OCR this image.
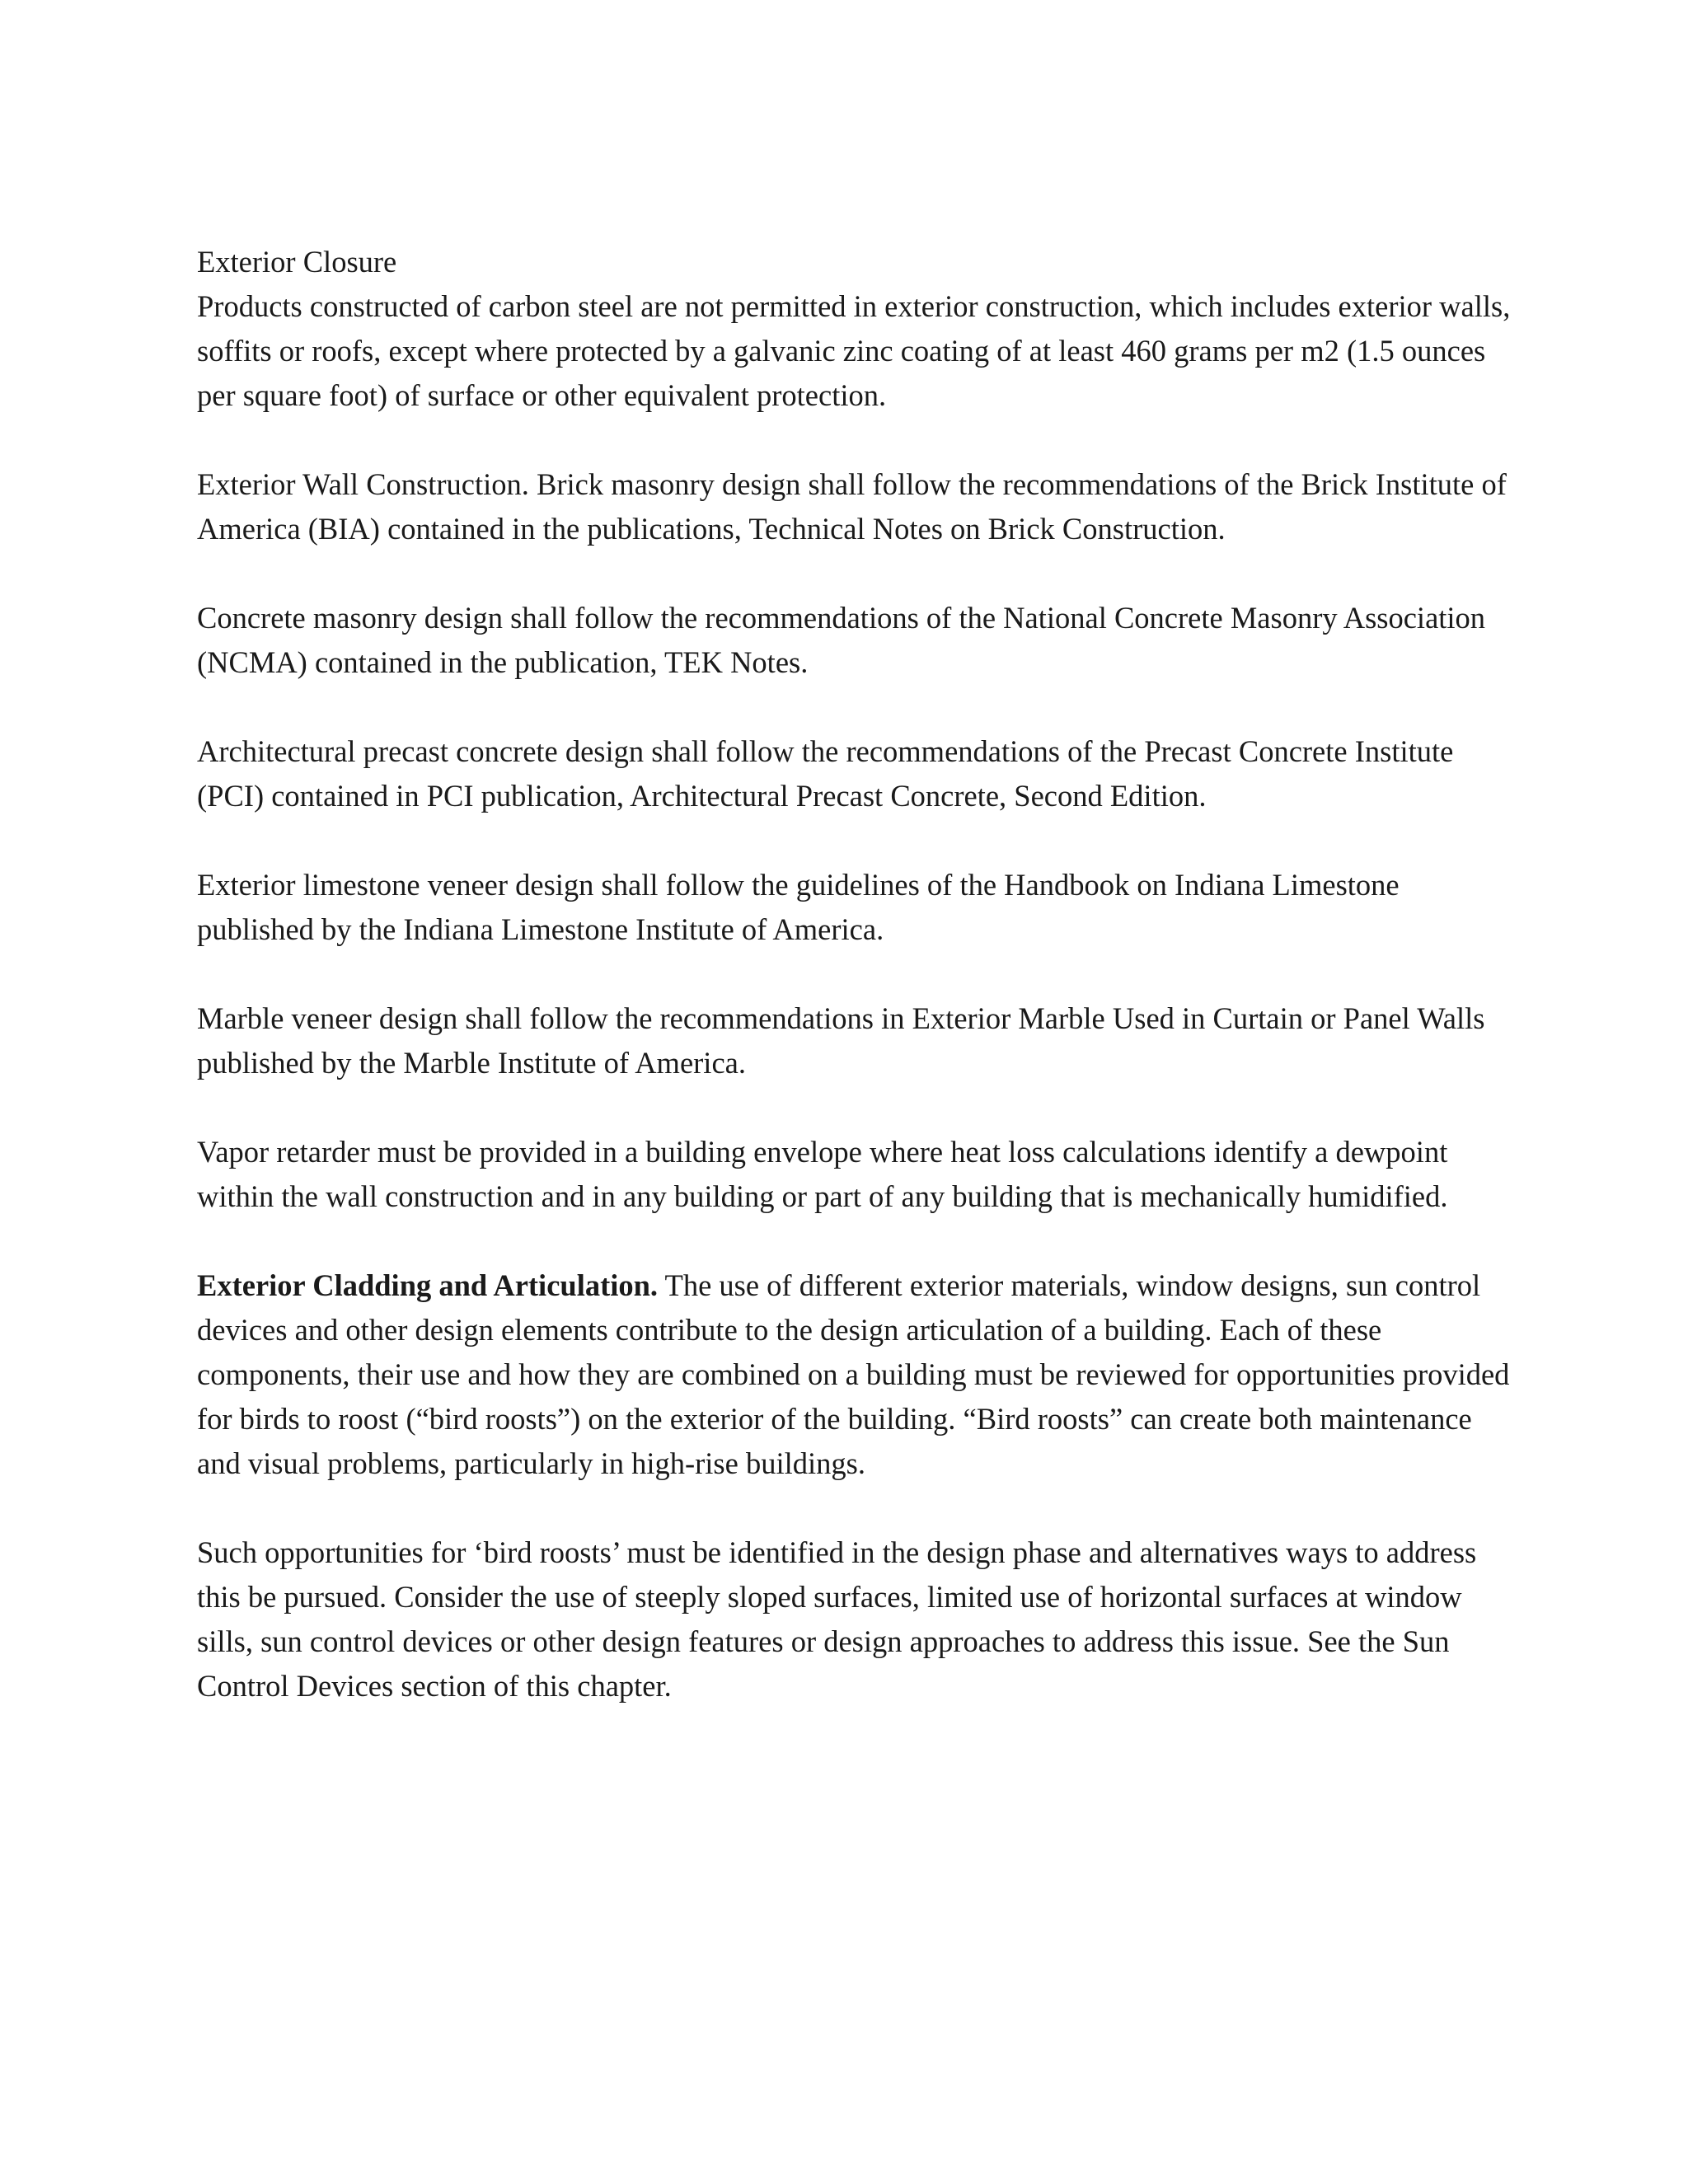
Exterior Closure

Products constructed of carbon steel are not permitted in exterior construction, which includes exterior walls, soffits or roofs, except where protected by a galvanic zinc coating of at least 460 grams per m2 (1.5 ounces per square foot) of surface or other equivalent protection.

Exterior Wall Construction. Brick masonry design shall follow the recommendations of the Brick Institute of America (BIA) contained in the publications, Technical Notes on Brick Construction.

Concrete masonry design shall follow the recommendations of the National Concrete Masonry Association (NCMA) contained in the publication, TEK Notes.

Architectural precast concrete design shall follow the recommendations of the Precast Concrete Institute (PCI) contained in PCI publication, Architectural Precast Concrete, Second Edition.

Exterior limestone veneer design shall follow the guidelines of the Handbook on Indiana Limestone published by the Indiana Limestone Institute of America.

Marble veneer design shall follow the recommendations in Exterior Marble Used in Curtain or Panel Walls published by the Marble Institute of America.

Vapor retarder must be provided in a building envelope where heat loss calculations identify a dewpoint within the wall construction and in any building or part of any building that is mechanically humidified.

Exterior Cladding and Articulation. The use of different exterior materials, window designs, sun control devices and other design elements contribute to the design articulation of a building. Each of these components, their use and how they are combined on a building must be reviewed for opportunities provided for birds to roost (“bird roosts”) on the exterior of the building. “Bird roosts” can create both maintenance and visual problems, particularly in high-rise buildings.

Such opportunities for ‘bird roosts’ must be identified in the design phase and alternatives ways to address this be pursued. Consider the use of steeply sloped surfaces, limited use of horizontal surfaces at window sills, sun control devices or other design features or design approaches to address this issue. See the Sun Control Devices section of this chapter.
